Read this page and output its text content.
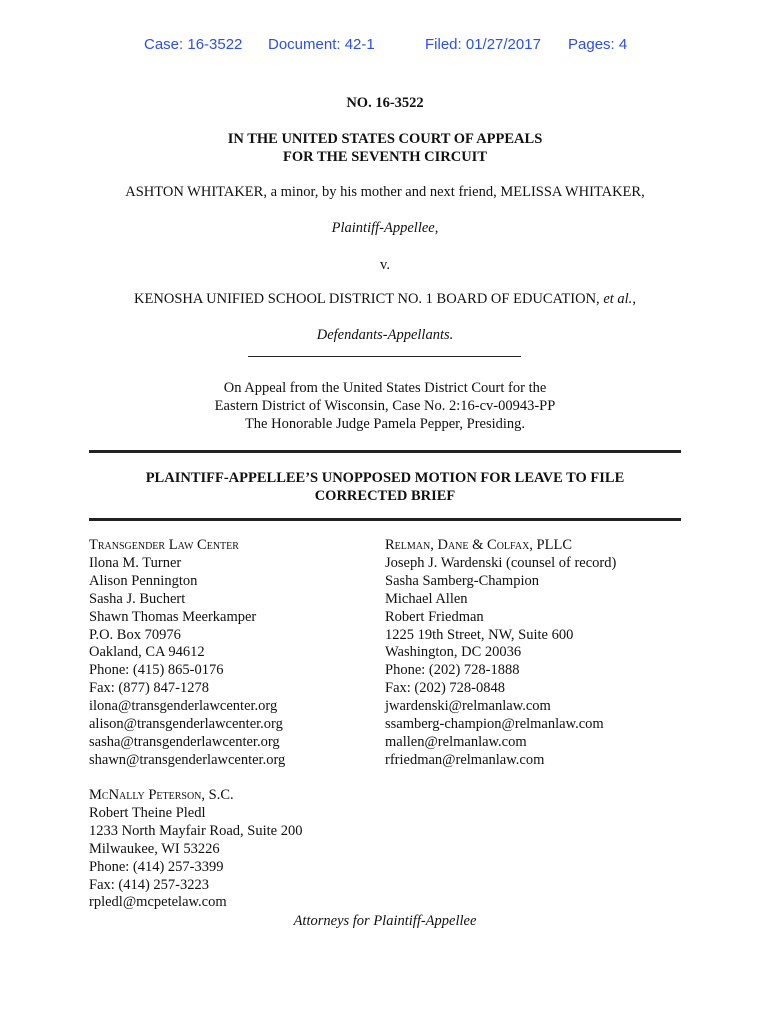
Case: 16-3522 Document: 42-1	Filed: 01/27/2017 Pages: 4
NO. 16-3522
IN THE UNITED STATES COURT OF APPEALS
FOR THE SEVENTH CIRCUIT
ASHTON WHITAKER, a minor, by his mother and next friend, MELISSA WHITAKER,
Plaintiff-Appellee,
v.
KENOSHA UNIFIED SCHOOL DISTRICT NO. 1 BOARD OF EDUCATION, et al.,
Defendants-Appellants.
On Appeal from the United States District Court for the
Eastern District of Wisconsin, Case No. 2:16-cv-00943-PP
The Honorable Judge Pamela Pepper, Presiding.
PLAINTIFF-APPELLEE’S UNOPPOSED MOTION FOR LEAVE TO FILE
CORRECTED BRIEF
Transgender Law Center
Ilona M. Turner
Alison Pennington
Sasha J. Buchert
Shawn Thomas Meerkamper
P.O. Box 70976
Oakland, CA 94612
Phone: (415) 865-0176
Fax: (877) 847-1278
ilona@transgenderlawcenter.org
alison@transgenderlawcenter.org
sasha@transgenderlawcenter.org
shawn@transgenderlawcenter.org
Relman, Dane & Colfax, PLLC
Joseph J. Wardenski (counsel of record)
Sasha Samberg-Champion
Michael Allen
Robert Friedman
1225 19th Street, NW, Suite 600
Washington, DC 20036
Phone: (202) 728-1888
Fax: (202) 728-0848
jwardenski@relmanlaw.com
ssamberg-champion@relmanlaw.com
mallen@relmanlaw.com
rfriedman@relmanlaw.com
McNally Peterson, S.C.
Robert Theine Pledl
1233 North Mayfair Road, Suite 200
Milwaukee, WI 53226
Phone: (414) 257-3399
Fax: (414) 257-3223
rpledl@mcpetelaw.com
Attorneys for Plaintiff-Appellee
